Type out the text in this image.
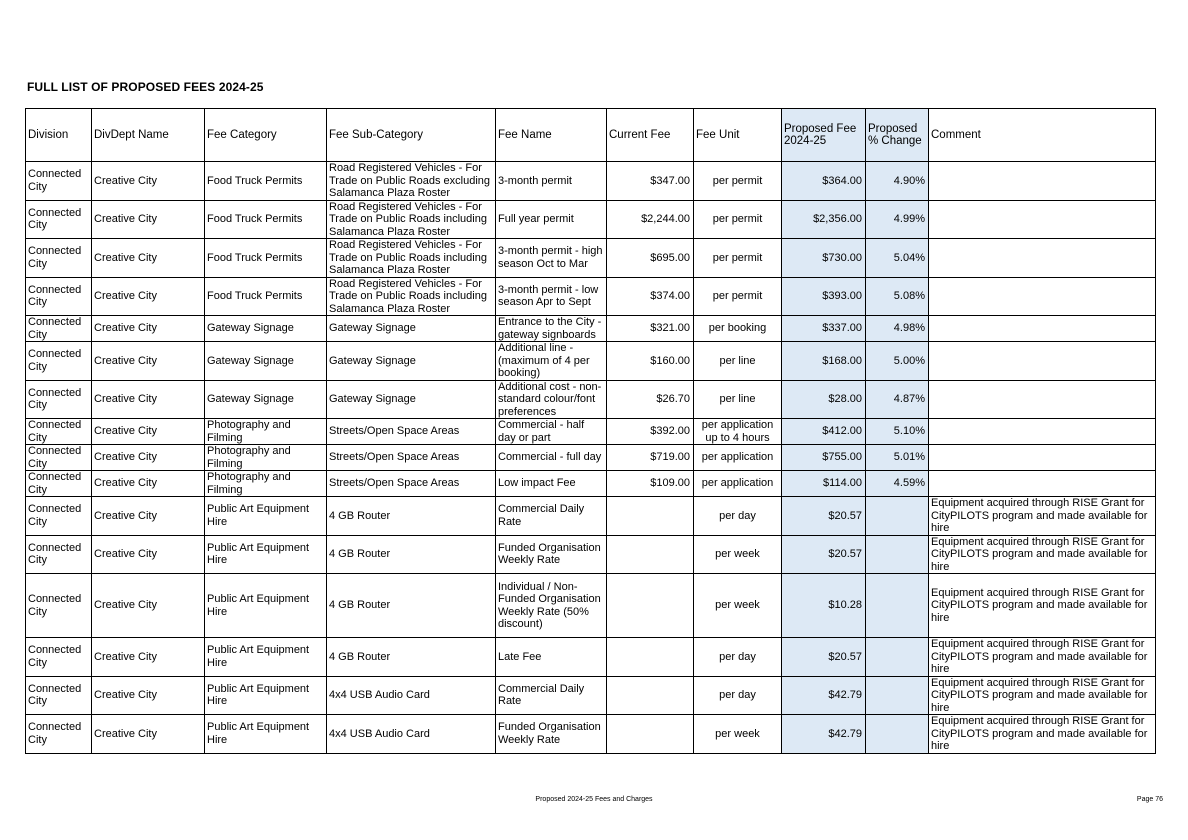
FULL LIST OF PROPOSED FEES 2024-25
Division	DivDept Name	Fee Category	Fee Sub-Category	Fee Name	Current Fee	Fee Unit	Proposed Fee 2024-25	Proposed % Change	Comment
Connected City	Creative City	Food Truck Permits	Road Registered Vehicles - For Trade on Public Roads excluding Salamanca Plaza Roster	3-month permit	$347.00	per permit	$364.00	4.90%	
Connected City	Creative City	Food Truck Permits	Road Registered Vehicles - For Trade on Public Roads including Salamanca Plaza Roster	Full year permit	$2,244.00	per permit	$2,356.00	4.99%	
Connected City	Creative City	Food Truck Permits	Road Registered Vehicles - For Trade on Public Roads including Salamanca Plaza Roster	3-month permit - high season Oct to Mar	$695.00	per permit	$730.00	5.04%	
Connected City	Creative City	Food Truck Permits	Road Registered Vehicles - For Trade on Public Roads including Salamanca Plaza Roster	3-month permit - low season Apr to Sept	$374.00	per permit	$393.00	5.08%	
Connected City	Creative City	Gateway Signage	Gateway Signage	Entrance to the City - gateway signboards	$321.00	per booking	$337.00	4.98%	
Connected City	Creative City	Gateway Signage	Gateway Signage	Additional line - (maximum of 4 per booking)	$160.00	per line	$168.00	5.00%	
Connected City	Creative City	Gateway Signage	Gateway Signage	Additional cost - non-standard colour/font preferences	$26.70	per line	$28.00	4.87%	
Connected City	Creative City	Photography and Filming	Streets/Open Space Areas	Commercial - half day or part	$392.00	per application up to 4 hours	$412.00	5.10%	
Connected City	Creative City	Photography and Filming	Streets/Open Space Areas	Commercial - full day	$719.00	per application	$755.00	5.01%	
Connected City	Creative City	Photography and Filming	Streets/Open Space Areas	Low impact Fee	$109.00	per application	$114.00	4.59%	
Connected City	Creative City	Public Art Equipment Hire	4 GB Router	Commercial Daily Rate		per day	$20.57		Equipment acquired through RISE Grant for CityPILOTS program and made available for hire
Connected City	Creative City	Public Art Equipment Hire	4 GB Router	Funded Organisation Weekly Rate		per week	$20.57		Equipment acquired through RISE Grant for CityPILOTS program and made available for hire
Connected City	Creative City	Public Art Equipment Hire	4 GB Router	Individual / Non-Funded Organisation Weekly Rate (50% discount)		per week	$10.28		Equipment acquired through RISE Grant for CityPILOTS program and made available for hire
Connected City	Creative City	Public Art Equipment Hire	4 GB Router	Late Fee		per day	$20.57		Equipment acquired through RISE Grant for CityPILOTS program and made available for hire
Connected City	Creative City	Public Art Equipment Hire	4x4 USB Audio Card	Commercial Daily Rate		per day	$42.79		Equipment acquired through RISE Grant for CityPILOTS program and made available for hire
Connected City	Creative City	Public Art Equipment Hire	4x4 USB Audio Card	Funded Organisation Weekly Rate		per week	$42.79		Equipment acquired through RISE Grant for CityPILOTS program and made available for hire
Proposed 2024-25 Fees and Charges	Page 76
